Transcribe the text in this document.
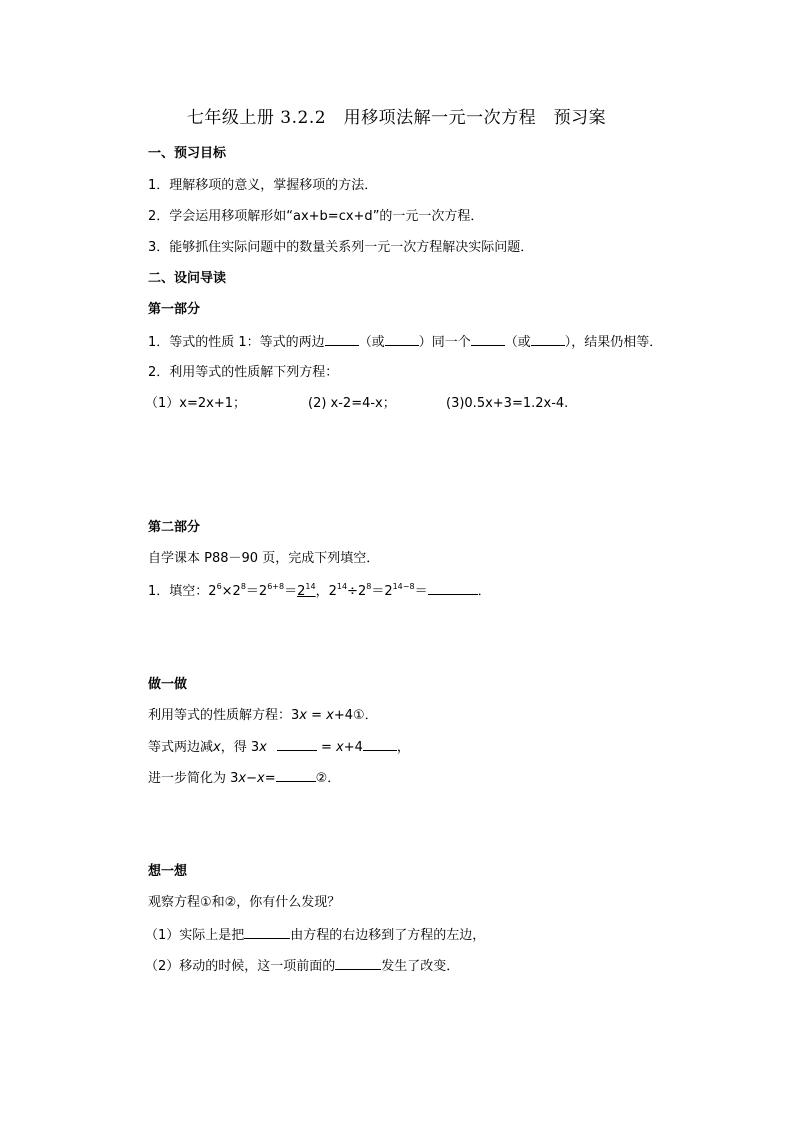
七年级上册 3.2.2　用移项法解一元一次方程　预习案
一、预习目标
1．理解移项的意义，掌握移项的方法．
2．学会运用移项解形如“ax+b=cx+d”的一元一次方程．
3．能够抓住实际问题中的数量关系列一元一次方程解决实际问题．
二、设问导读
第一部分
1．等式的性质 1：等式的两边	（或	）同一个	（或	），结果仍相等．
2．利用等式的性质解下列方程：
（1）x=2x+1；	(2) x-2=4-x；	(3)0.5x+3=1.2x-4.
第二部分
自学课本 P88－90 页，完成下列填空．
1．填空：$2^6\times 2^8=2^{6+8}=2^{14}$，$2^{14}\div 2^8=2^{14-8}=$	．
做一做
利用等式的性质解方程：3x = x+4①．
等式两边减x，得 3x	= x+4	，
进一步简化为 3x−x=	②．
想一想
观察方程①和②，你有什么发现？
（1）实际上是把	由方程的右边移到了方程的左边，
（2）移动的时候，这一项前面的	发生了改变．
